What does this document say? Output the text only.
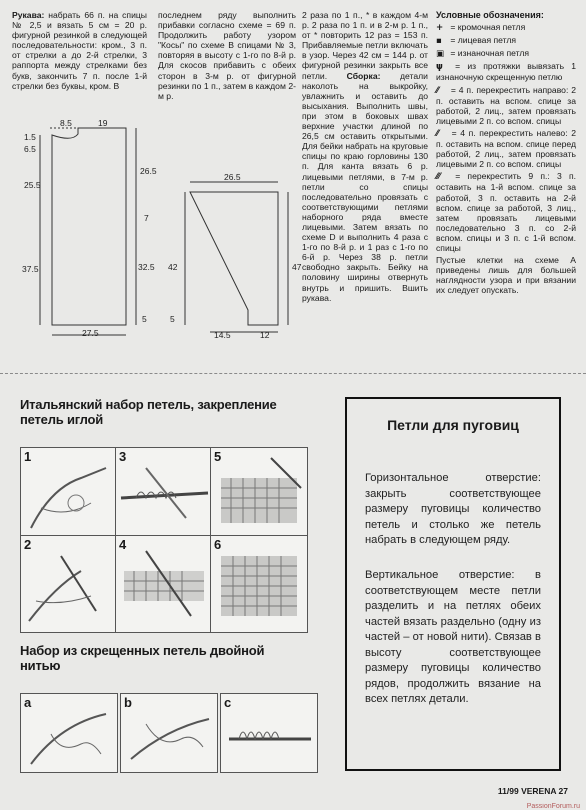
Рукава: набрать 66 п. на спицы № 2,5 и вязать 5 см = 20 р. фигурной резинкой в следующей последовательности: кром., 3 п. от стрелки а до 2-й стрелки, 3 раппорта между стрелками без букв, закончить 7 п. после 1-й стрелки без буквы, кром. В
последнем ряду выполнить прибавки согласно схеме = 69 п. Продолжить работу узором "Косы" по схеме В спицами № 3, повторяя в высоту с 1-го по 8-й р. Для скосов прибавить с обеих сторон в 3-м р. от фигурной резинки по 1 п., затем в каждом 2-м р.
2 раза по 1 п., * в каждом 4-м р. 2 раза по 1 п. и в 2-м р. 1 п., от * повторить 12 раз = 153 п. Прибавляемые петли включать в узор. Через 42 см = 144 р. от фигурной резинки закрыть все петли. Сборка: детали наколоть на выкройку, увлажнить и оставить до высыхания. Выполнить швы, при этом в боковых швах верхние участки длиной по 26,5 см оставить открытыми. Для бейки набрать на круговые спицы по краю горловины 130 п. Для канта вязать 6 р. лицевыми петлями, в 7-м р. петли со спицы последовательно провязать с соответствующими петлями наборного ряда вместе лицевыми. Затем вязать по схеме D и выполнить 4 раза с 1-го по 8-й р. и 1 раз с 1-го по 6-й р. Через 38 р. петли свободно закрыть. Бейку на половину ширины отвернуть внутрь и пришить. Вшить рукава.
Условные обозначения:
+ = кромочная петля
▪ = лицевая петля
▣ = изнаночная петля
ψ = из протяжки вывязать 1 изнаночную скрещенную петлю
⁄⁄ = 4 п. перекрестить направо: 2 п. оставить на вспом. спице за работой, 2 лиц., затем провязать лицевыми 2 п. со вспом. спицы
⁄⁄ = 4 п. перекрестить налево: 2 п. оставить на вспом. спице перед работой, 2 лиц., затем провязать лицевыми 2 п. со вспом. спицы
⁄⁄⁄ = перекрестить 9 п.: 3 п. оставить на 1-й вспом. спице за работой, 3 п. оставить на 2-й вспом. спице за работой, 3 лиц., затем провязать лицевыми последовательно 3 п. со 2-й вспом. спицы и 3 п. с 1-й вспом. спицы
Пустые клетки на схеме А приведены лишь для большей наглядности узора и при вязании их следует опускать.
8.5	19
1.5
6.5
25.5
37.5
26.5
7
32.5
5
27.5
26.5
42	47
5
14.5	12
Итальянский набор петель, закрепление петель иглой
1	3	5
2	4	6
Набор из скрещенных петель двойной нитью
a	b	c
Петли для пуговиц
Горизонтальное отверстие: закрыть соответствующее размеру пуговицы количество петель и столько же петель набрать в следующем ряду.
Вертикальное отверстие: в соответствующем месте петли разделить и на петлях обеих частей вязать раздельно (одну из частей – от новой нити). Связав в высоту соответствующее размеру пуговицы количество рядов, продолжить вязание на всех петлях детали.
11/99 VERENA 27
PassionForum.ru
